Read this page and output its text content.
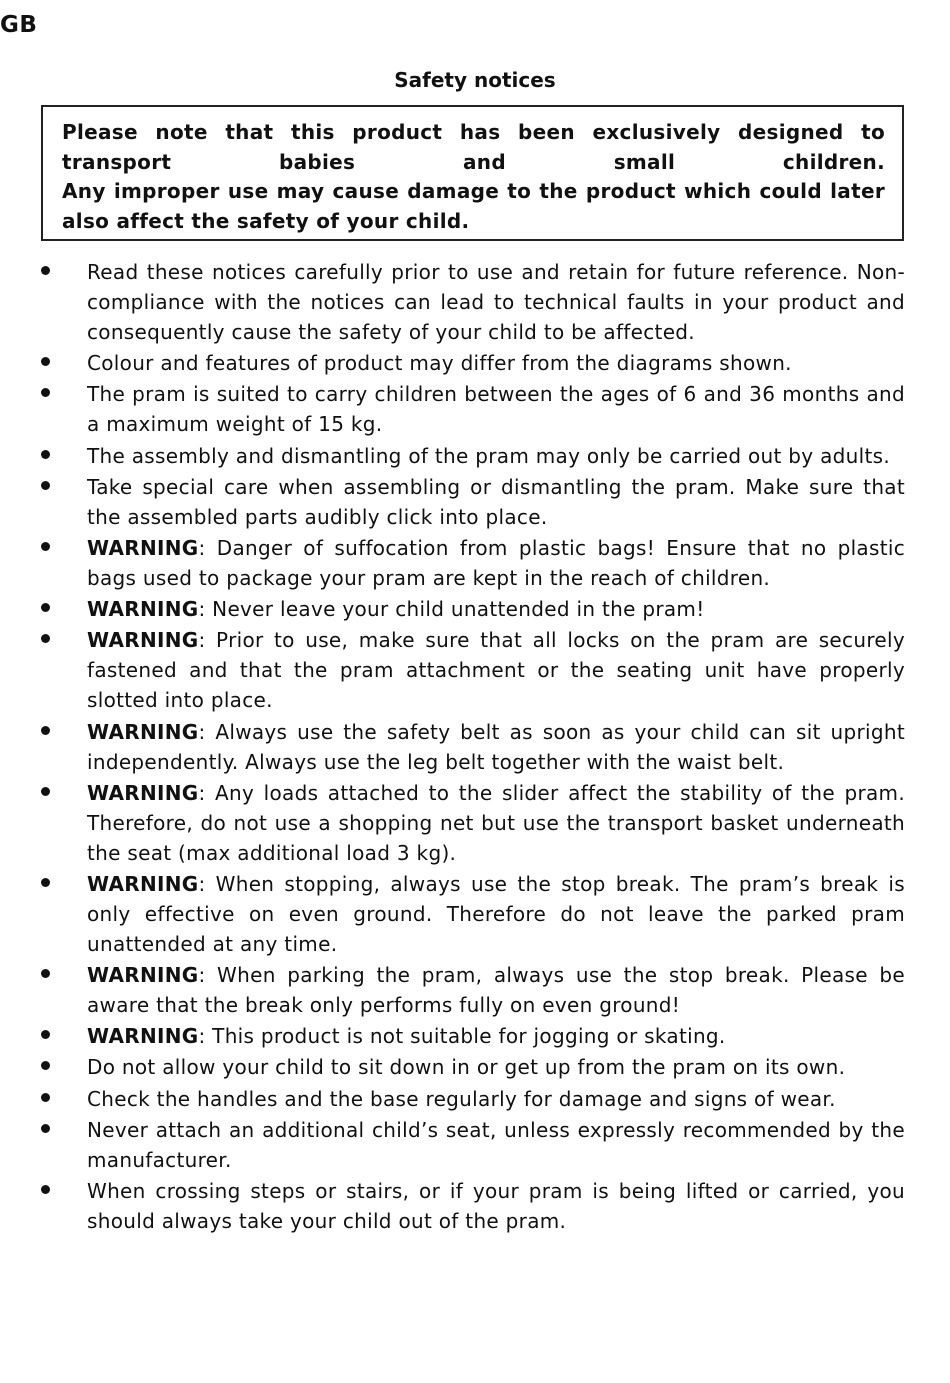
GB
Safety notices
Please note that this product has been exclusively designed to
transport babies and small children.
Any improper use may cause damage to the product which could later also affect the safety of your child.
Read these notices carefully prior to use and retain for future reference. Non-compliance with the notices can lead to technical faults in your product and consequently cause the safety of your child to be affected.
Colour and features of product may differ from the diagrams shown.
The pram is suited to carry children between the ages of 6 and 36 months and a maximum weight of 15 kg.
The assembly and dismantling of the pram may only be carried out by adults.
Take special care when assembling or dismantling the pram. Make sure that the assembled parts audibly click into place.
WARNING: Danger of suffocation from plastic bags! Ensure that no plastic bags used to package your pram are kept in the reach of children.
WARNING: Never leave your child unattended in the pram!
WARNING: Prior to use, make sure that all locks on the pram are securely fastened and that the pram attachment or the seating unit have properly slotted into place.
WARNING: Always use the safety belt as soon as your child can sit upright independently. Always use the leg belt together with the waist belt.
WARNING: Any loads attached to the slider affect the stability of the pram. Therefore, do not use a shopping net but use the transport basket underneath the seat (max additional load 3 kg).
WARNING: When stopping, always use the stop break. The pram’s break is only effective on even ground. Therefore do not leave the parked pram unattended at any time.
WARNING: When parking the pram, always use the stop break. Please be aware that the break only performs fully on even ground!
WARNING: This product is not suitable for jogging or skating.
Do not allow your child to sit down in or get up from the pram on its own.
Check the handles and the base regularly for damage and signs of wear.
Never attach an additional child’s seat, unless expressly recommended by the manufacturer.
When crossing steps or stairs, or if your pram is being lifted or carried, you should always take your child out of the pram.
